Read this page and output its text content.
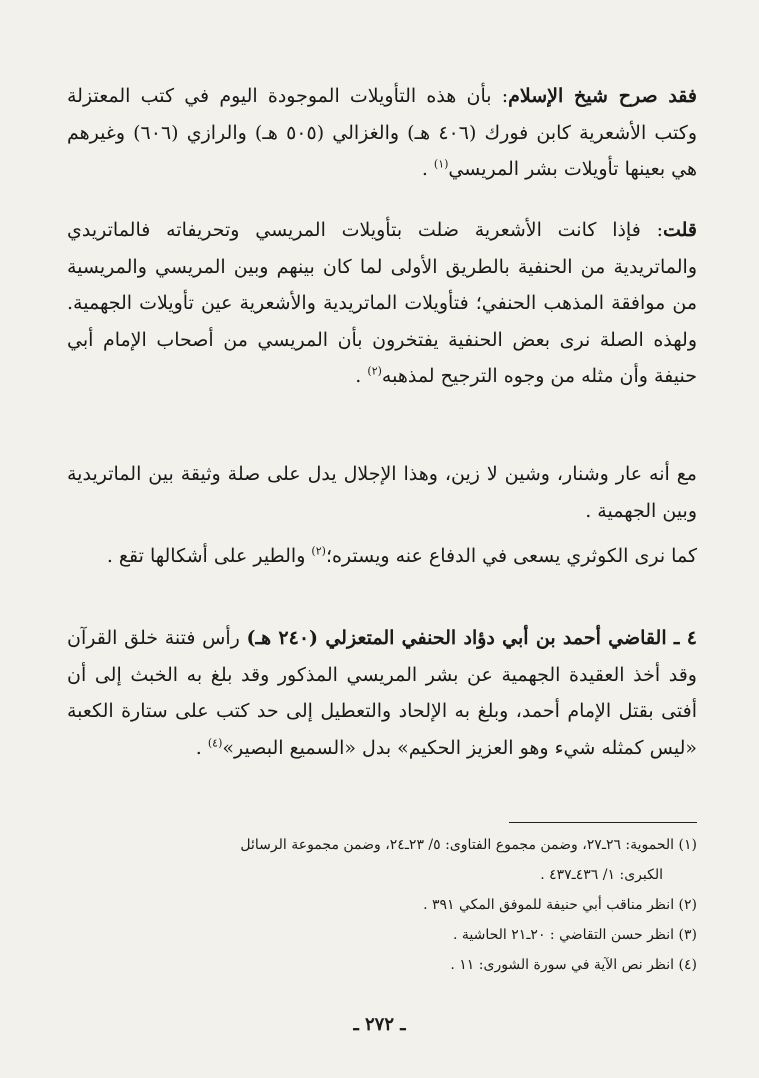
فقد صرح شيخ الإسلام: بأن هذه التأويلات الموجودة اليوم في كتب المعتزلة وكتب الأشعرية كابن فورك (٤٠٦ هـ) والغزالي (٥٠٥ هـ) والرازي (٦٠٦) وغيرهم هي بعينها تأويلات بشر المريسي$^{(١)}$ .

قلت: فإذا كانت الأشعرية ضلت بتأويلات المريسي وتحريفاته فالماتريدي والماتريدية من الحنفية بالطريق الأولى لما كان بينهم وبين المريسي والمريسية من موافقة المذهب الحنفي؛ فتأويلات الماتريدية والأشعرية عين تأويلات الجهمية. ولهذه الصلة نرى بعض الحنفية يفتخرون بأن المريسي من أصحاب الإمام أبي حنيفة وأن مثله من وجوه الترجيح لمذهبه$^{(٢)}$ .

مع أنه عار وشنار، وشين لا زين، وهذا الإجلال يدل على صلة وثيقة بين الماتريدية وبين الجهمية .

كما نرى الكوثري يسعى في الدفاع عنه ويستره؛$^{(٢)}$ والطير على أشكالها تقع .

٤ ـ القاضي أحمد بن أبي دؤاد الحنفي المتعزلي (٢٤٠ هـ) رأس فتنة خلق القرآن وقد أخذ العقيدة الجهمية عن بشر المريسي المذكور وقد بلغ به الخبث إلى أن أفتى بقتل الإمام أحمد، وبلغ به الإلحاد والتعطيل إلى حد كتب على ستارة الكعبة «ليس كمثله شيء وهو العزيز الحكيم» بدل «السميع البصير»$^{(٤)}$ .

(١) الحموية: ٢٦ـ٢٧، وضمن مجموع الفتاوى: ٥/ ٢٣ـ٢٤، وضمن مجموعة الرسائل

الكبرى: ١/ ٤٣٦ـ٤٣٧ .

(٢) انظر مناقب أبي حنيفة للموفق المكي ٣٩١ .

(٣) انظر حسن التقاضي : ٢٠ـ٢١ الحاشية .

(٤) انظر نص الآية في سورة الشورى: ١١ .

ـ ٢٧٢ ـ
